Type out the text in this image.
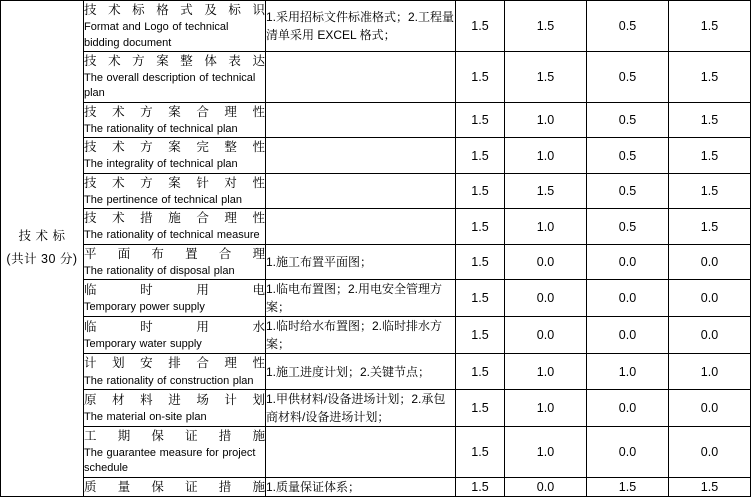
技 术 标
(共计 30 分)

技 术 标 格 式 及 标 识
Format and Logo of technical bidding document
	1.采用招标文件标准格式；2.工程量清单采用 EXCEL 格式；	1.5	1.5	0.5	1.5

	技 术 方 案 整 体 表 达
The overall description of technical plan		1.5	1.5	0.5	1.5

	技 术 方 案 合 理 性
The rationality of technical plan		1.5	1.0	0.5	1.5

	技 术 方 案 完 整 性
The integrality of technical plan		1.5	1.0	0.5	1.5

	技 术 方 案 针 对 性
The pertinence of technical plan		1.5	1.5	0.5	1.5

	技 术 措 施 合 理 性
The rationality of technical measure		1.5	1.0	0.5	1.5

	平 面 布 置 合 理
The rationality of disposal plan	1.施工布置平面图；	1.5	0.0	0.0	0.0

	临 时 用 电
Temporary power supply	1.临电布置图；2.用电安全管理方案；	1.5	0.0	0.0	0.0

	临 时 用 水
Temporary water supply	1.临时给水布置图；2.临时排水方案；	1.5	0.0	0.0	0.0

	计 划 安 排 合 理 性
The rationality of construction plan	1.施工进度计划；2.关键节点；	1.5	1.0	1.0	1.0

	原 材 料 进 场 计 划
The material on-site plan	1.甲供材料/设备进场计划；2.承包商材料/设备进场计划；	1.5	1.0	0.0	0.0

	工 期 保 证 措 施
The guarantee measure for project schedule		1.5	1.0	0.0	0.0

	质 量 保 证 措 施	1.质量保证体系；	1.5	0.0	1.5	1.5
